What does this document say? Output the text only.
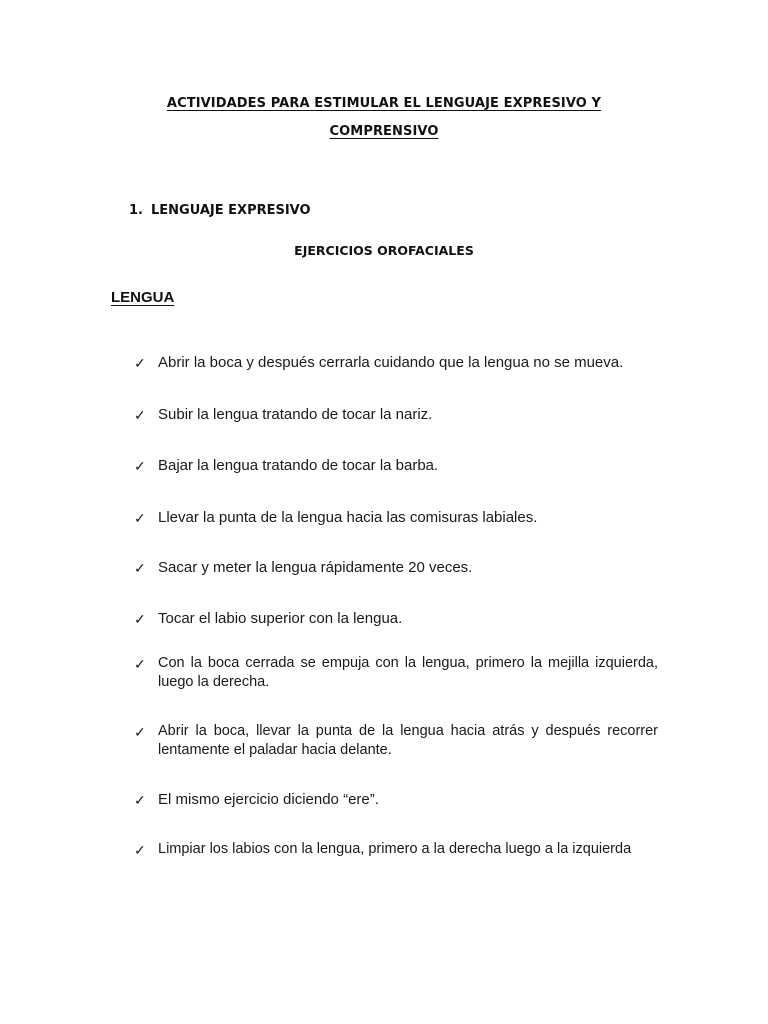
ACTIVIDADES PARA ESTIMULAR EL LENGUAJE EXPRESIVO Y
COMPRENSIVO
1. LENGUAJE EXPRESIVO
EJERCICIOS OROFACIALES
LENGUA
✓ Abrir la boca y después cerrarla cuidando que la lengua no se mueva.
✓ Subir la lengua tratando de tocar la nariz.
✓ Bajar la lengua tratando de tocar la barba.
✓ Llevar la punta de la lengua hacia las comisuras labiales.
✓ Sacar y meter la lengua rápidamente 20 veces.
✓ Tocar el labio superior con la lengua.
✓ Con la boca cerrada se empuja con la lengua, primero la mejilla izquierda, luego la derecha.
✓ Abrir la boca, llevar la punta de la lengua hacia atrás y después recorrer lentamente el paladar hacia delante.
✓ El mismo ejercicio diciendo “ere”.
✓ Limpiar los labios con la lengua, primero a la derecha luego a la izquierda
